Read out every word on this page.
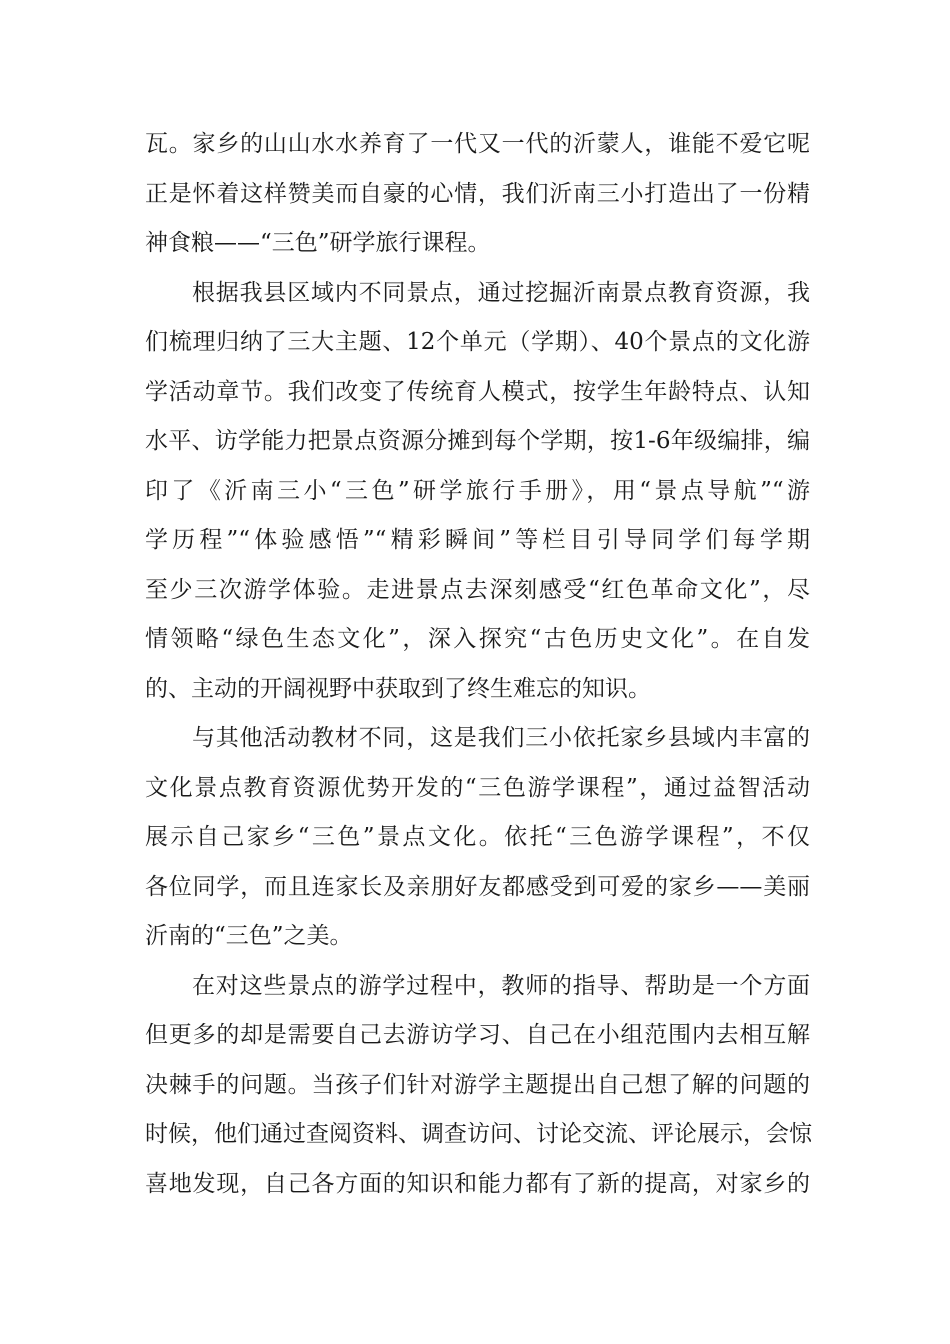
瓦。家乡的山山水水养育了一代又一代的沂蒙人，谁能不爱它呢
正是怀着这样赞美而自豪的心情，我们沂南三小打造出了一份精
神食粮——“三色”研学旅行课程。
根据我县区域内不同景点，通过挖掘沂南景点教育资源，我
们梳理归纳了三大主题、12个单元（学期）、40个景点的文化游
学活动章节。我们改变了传统育人模式，按学生年龄特点、认知
水平、访学能力把景点资源分摊到每个学期，按1-6年级编排，编
印了《沂南三小“三色”研学旅行手册》，用“景点导航”“游
学历程”“体验感悟”“精彩瞬间”等栏目引导同学们每学期
至少三次游学体验。走进景点去深刻感受“红色革命文化”，尽
情领略“绿色生态文化”，深入探究“古色历史文化”。在自发
的、主动的开阔视野中获取到了终生难忘的知识。
与其他活动教材不同，这是我们三小依托家乡县域内丰富的
文化景点教育资源优势开发的“三色游学课程”，通过益智活动
展示自己家乡“三色”景点文化。依托“三色游学课程”，不仅
各位同学，而且连家长及亲朋好友都感受到可爱的家乡——美丽
沂南的“三色”之美。
在对这些景点的游学过程中，教师的指导、帮助是一个方面
但更多的却是需要自己去游访学习、自己在小组范围内去相互解
决棘手的问题。当孩子们针对游学主题提出自己想了解的问题的
时候，他们通过查阅资料、调查访问、讨论交流、评论展示，会惊
喜地发现，自己各方面的知识和能力都有了新的提高，对家乡的
